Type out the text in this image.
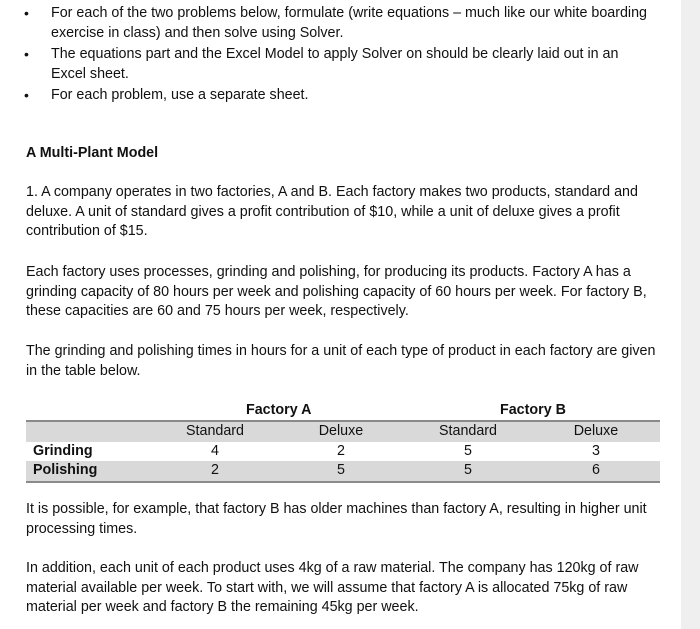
• For each of the two problems below, formulate (write equations – much like our white boarding exercise in class) and then solve using Solver.
• The equations part and the Excel Model to apply Solver on should be clearly laid out in an Excel sheet.
• For each problem, use a separate sheet.
A Multi-Plant Model

1. A company operates in two factories, A and B. Each factory makes two products, standard and deluxe. A unit of standard gives a profit contribution of $10, while a unit of deluxe gives a profit contribution of $15.

Each factory uses processes, grinding and polishing, for producing its products. Factory A has a grinding capacity of 80 hours per week and polishing capacity of 60 hours per week. For factory B, these capacities are 60 and 75 hours per week, respectively.

The grinding and polishing times in hours for a unit of each type of product in each factory are given in the table below.

Factory A	Factory B
	Standard	Deluxe	Standard	Deluxe
Grinding	4	2	5	3
Polishing	2	5	5	6

It is possible, for example, that factory B has older machines than factory A, resulting in higher unit processing times.

In addition, each unit of each product uses 4kg of a raw material. The company has 120kg of raw material available per week. To start with, we will assume that factory A is allocated 75kg of raw material per week and factory B the remaining 45kg per week.
